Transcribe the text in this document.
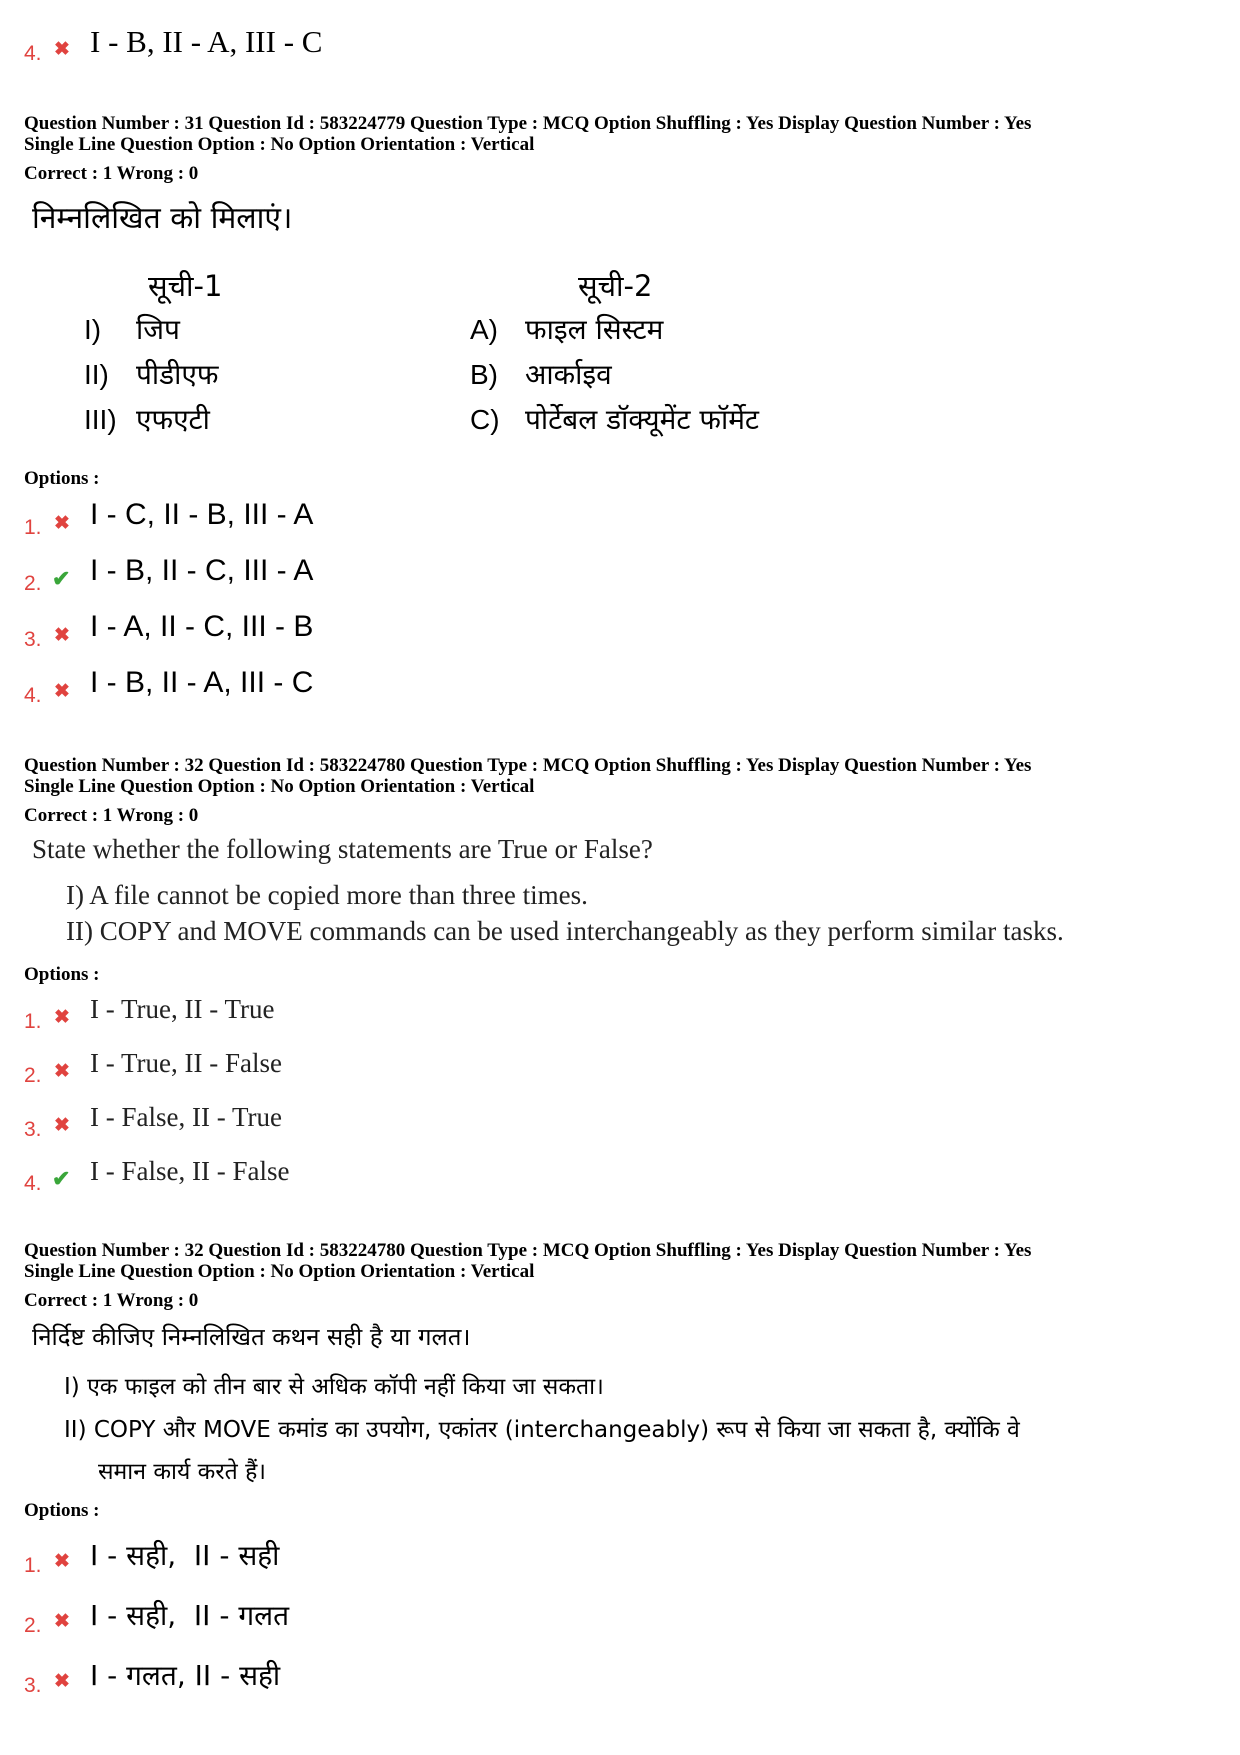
4. ✖ I - B, II - A, III - C
Question Number : 31 Question Id : 583224779 Question Type : MCQ Option Shuffling : Yes Display Question Number : Yes
Single Line Question Option : No Option Orientation : Vertical
Correct : 1 Wrong : 0
निम्नलिखित को मिलाएं।
सूची-1	सूची-2
I) जिप
II) पीडीएफ
III) एफएटी
A) फाइल सिस्टम
B) आर्काइव
C) पोर्टेबल डॉक्यूमेंट फॉर्मेट
Options :
1. ✖ I - C, II - B, III - A
2. ✔ I - B, II - C, III - A
3. ✖ I - A, II - C, III - B
4. ✖ I - B, II - A, III - C
Question Number : 32 Question Id : 583224780 Question Type : MCQ Option Shuffling : Yes Display Question Number : Yes
Single Line Question Option : No Option Orientation : Vertical
Correct : 1 Wrong : 0
State whether the following statements are True or False?
I) A file cannot be copied more than three times.
II) COPY and MOVE commands can be used interchangeably as they perform similar tasks.
Options :
1. ✖ I - True, II - True
2. ✖ I - True, II - False
3. ✖ I - False, II - True
4. ✔ I - False, II - False
Question Number : 32 Question Id : 583224780 Question Type : MCQ Option Shuffling : Yes Display Question Number : Yes
Single Line Question Option : No Option Orientation : Vertical
Correct : 1 Wrong : 0
निर्दिष्ट कीजिए निम्नलिखित कथन सही है या गलत।
I) एक फाइल को तीन बार से अधिक कॉपी नहीं किया जा सकता।
II) COPY और MOVE कमांड का उपयोग, एकांतर (interchangeably) रूप से किया जा सकता है, क्योंकि वे
समान कार्य करते हैं।
Options :
1. ✖ I - सही,  II - सही
2. ✖ I - सही,  II - गलत
3. ✖ I - गलत, II - सही
